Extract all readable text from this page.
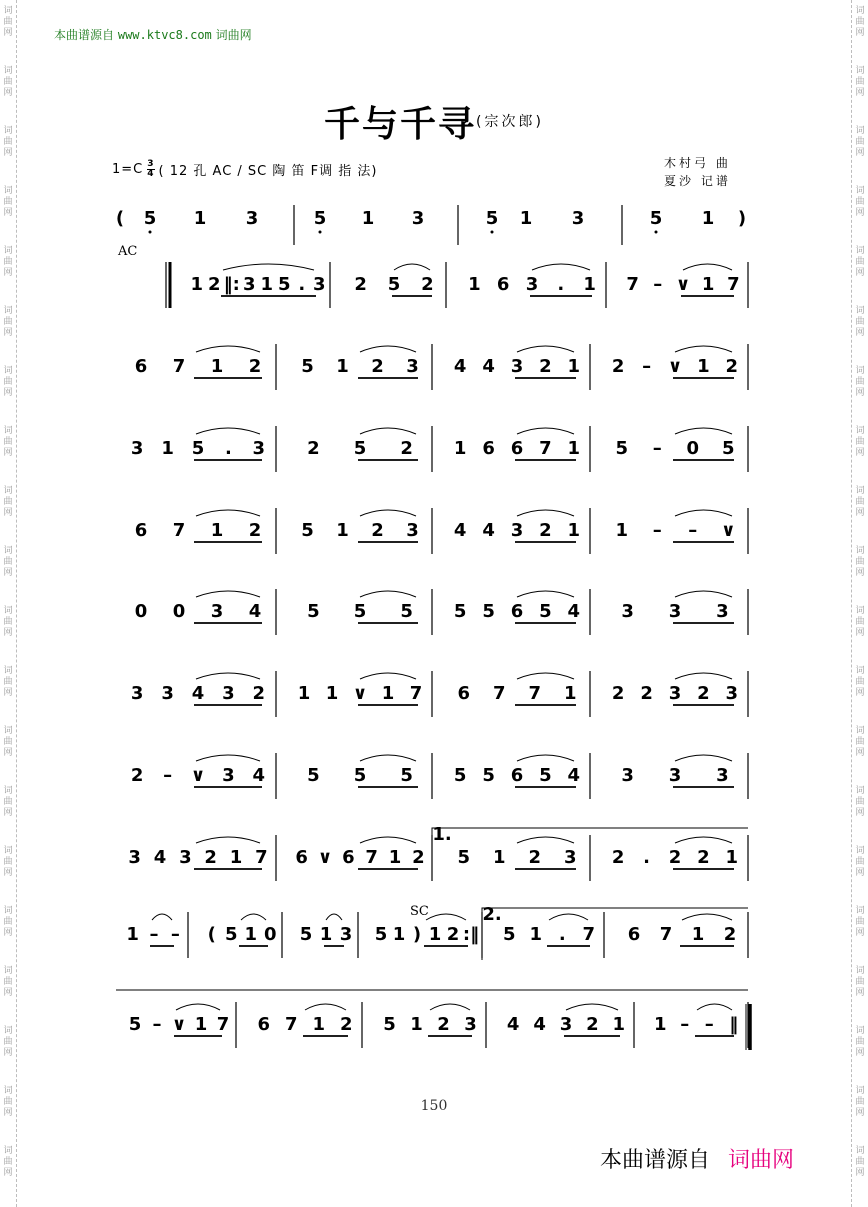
词
曲
网
词
曲
网
词
曲
网
词
曲
网
词
曲
网
词
曲
网
词
曲
网
词
曲
网
词
曲
网
词
曲
网
词
曲
网
词
曲
网
词
曲
网
词
曲
网
词
曲
网
词
曲
网
词
曲
网
词
曲
网
词
曲
网
词
曲
网
词
曲
网
词
曲
网
词
曲
网
词
曲
网
词
曲
网
词
曲
网
词
曲
网
词
曲
网
词
曲
网
词
曲
网
词
曲
网
词
曲
网
词
曲
网
词
曲
网
词
曲
网
词
曲
网
词
曲
网
词
曲
网
词
曲
网
词
曲
网
本曲谱源自 www.ktvc8.com 词曲网
千与千寻(宗次郎)
$1=C \frac{3}{4}$ ( 12 孔 AC / SC 陶 笛 F调 指 法)
木村弓 曲
夏沙 记谱
AC
SC
( 5 1 3	5 1 3	5 1 3	5 1 )
1 2 ‖: 3 1 5 . 3 2 5 2 1 6 3 . 1 7 – ∨ 1 7
6 7 1 2 5 1 2 3 4 4 3 2 1 2 – ∨ 1 2
3 1 5 . 3 2 5 2 1 6 6 7 1 5 – 0 5
6 7 1 2 5 1 2 3 4 4 3 2 1 1 – – ∨
0 0 3 4	5 5 5 5 5 6 5 4 3 3 3
3 3 4 3 2 1 1 ∨ 1 7 6 7 7 1 2 2 3 2 3
2 – ∨ 3 4 5 5 5 5 5 6 5 4 3 3 3
3 4 3 2 1 7 6 ∨ 6 7 1 2 5 1 2 3 2 . 2 2 1
1 – – ( 5 1 0 5 1 3 5 1 ) 1 2 :‖ 5 1 . 7 6 7 1 2
5 – ∨ 1 7 6 7 1 2 5 1 2 3 4 4 3 2 1 1 – – ‖
1.
2.
150
本曲谱源自 词曲网
